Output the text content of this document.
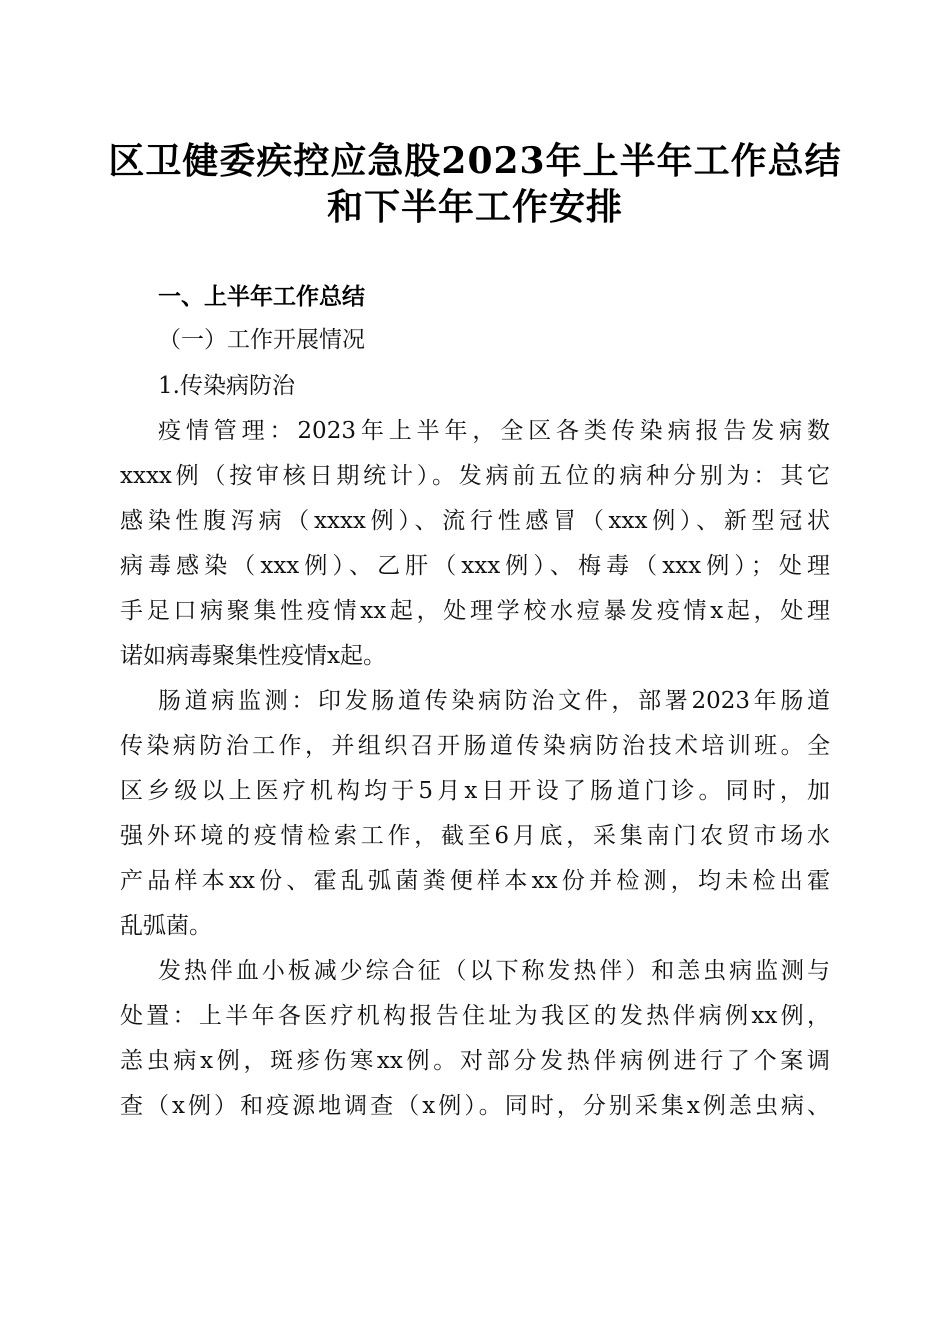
区卫健委疾控应急股2023年上半年工作总结
和下半年工作安排
一、上半年工作总结

（一）工作开展情况

1.传染病防治

疫情管理：2023年上半年，全区各类传染病报告发病数

xxxx例（按审核日期统计）。发病前五位的病种分别为：其它

感染性腹泻病（xxxx例）、流行性感冒（xxx例）、新型冠状

病毒感染（xxx例）、乙肝（xxx例）、梅毒（xxx例）；处理

手足口病聚集性疫情xx起，处理学校水痘暴发疫情x起，处理

诺如病毒聚集性疫情x起。

肠道病监测：印发肠道传染病防治文件，部署2023年肠道

传染病防治工作，并组织召开肠道传染病防治技术培训班。全

区乡级以上医疗机构均于5月x日开设了肠道门诊。同时，加

强外环境的疫情检索工作，截至6月底，采集南门农贸市场水

产品样本xx份、霍乱弧菌粪便样本xx份并检测，均未检出霍

乱弧菌。

发热伴血小板减少综合征（以下称发热伴）和恙虫病监测与

处置：上半年各医疗机构报告住址为我区的发热伴病例xx例，

恙虫病x例，斑疹伤寒xx例。对部分发热伴病例进行了个案调

查（x例）和疫源地调查（x例）。同时，分别采集x例恙虫病、
